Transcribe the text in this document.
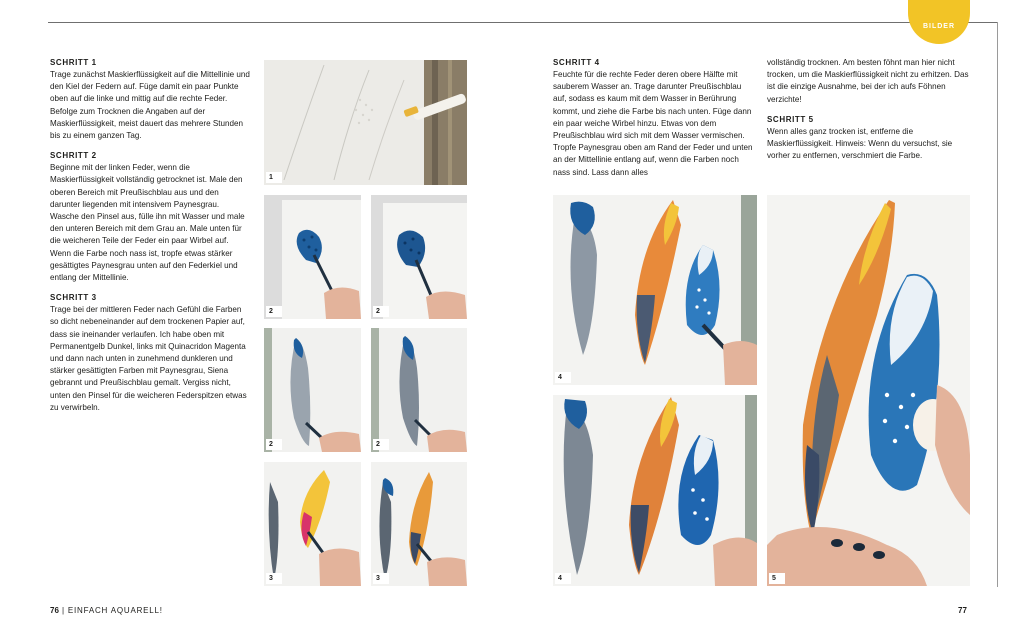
BILDER
SCHRITT 1

Trage zunächst Maskierflüssigkeit auf die Mittellinie und den Kiel der Federn auf. Füge damit ein paar Punkte oben auf die linke und mittig auf die rechte Feder. Befolge zum Trocknen die Angaben auf der Maskierflüssigkeit, meist dauert das mehrere Stunden bis zu einem ganzen Tag.

SCHRITT 2

Beginne mit der linken Feder, wenn die Maskierflüssigkeit vollständig getrocknet ist. Male den oberen Bereich mit Preußischblau aus und den darunter liegenden mit intensivem Paynesgrau. Wasche den Pinsel aus, fülle ihn mit Wasser und male den unteren Bereich mit dem Grau an. Male unten für die weicheren Teile der Feder ein paar Wirbel auf. Wenn die Farbe noch nass ist, tropfe etwas stärker gesättigtes Paynesgrau unten auf den Federkiel und entlang der Mittellinie.

SCHRITT 3

Trage bei der mittleren Feder nach Gefühl die Farben so dicht nebeneinander auf dem trockenen Papier auf, dass sie ineinander verlaufen. Ich habe oben mit Permanentgelb Dunkel, links mit Quinacridon Magenta und dann nach unten in zunehmend dunkleren und stärker gesättigten Farben mit Paynesgrau, Siena gebrannt und Preußischblau gemalt. Vergiss nicht, unten den Pinsel für die weicheren Federspitzen etwas zu verwirbeln.

1
2	2
2	2
3	3
SCHRITT 4

Feuchte für die rechte Feder deren obere Hälfte mit sauberem Wasser an. Trage darunter Preußischblau auf, sodass es kaum mit dem Wasser in Berührung kommt, und ziehe die Farbe bis nach unten. Füge dann ein paar weiche Wirbel hinzu. Etwas von dem Preußischblau wird sich mit dem Wasser vermischen. Tropfe Paynesgrau oben am Rand der Feder und unten an der Mittellinie entlang auf, wenn die Farben noch nass sind. Lass dann alles

vollständig trocknen. Am besten föhnt man hier nicht trocken, um die Maskierflüssigkeit nicht zu erhitzen. Das ist die einzige Ausnahme, bei der ich aufs Föhnen verzichte!

SCHRITT 5

Wenn alles ganz trocken ist, entferne die Maskierflüssigkeit. Hinweis: Wenn du versuchst, sie vorher zu entfernen, verschmiert die Farbe.

4
4	5
76 | EINFACH AQUARELL!	77
